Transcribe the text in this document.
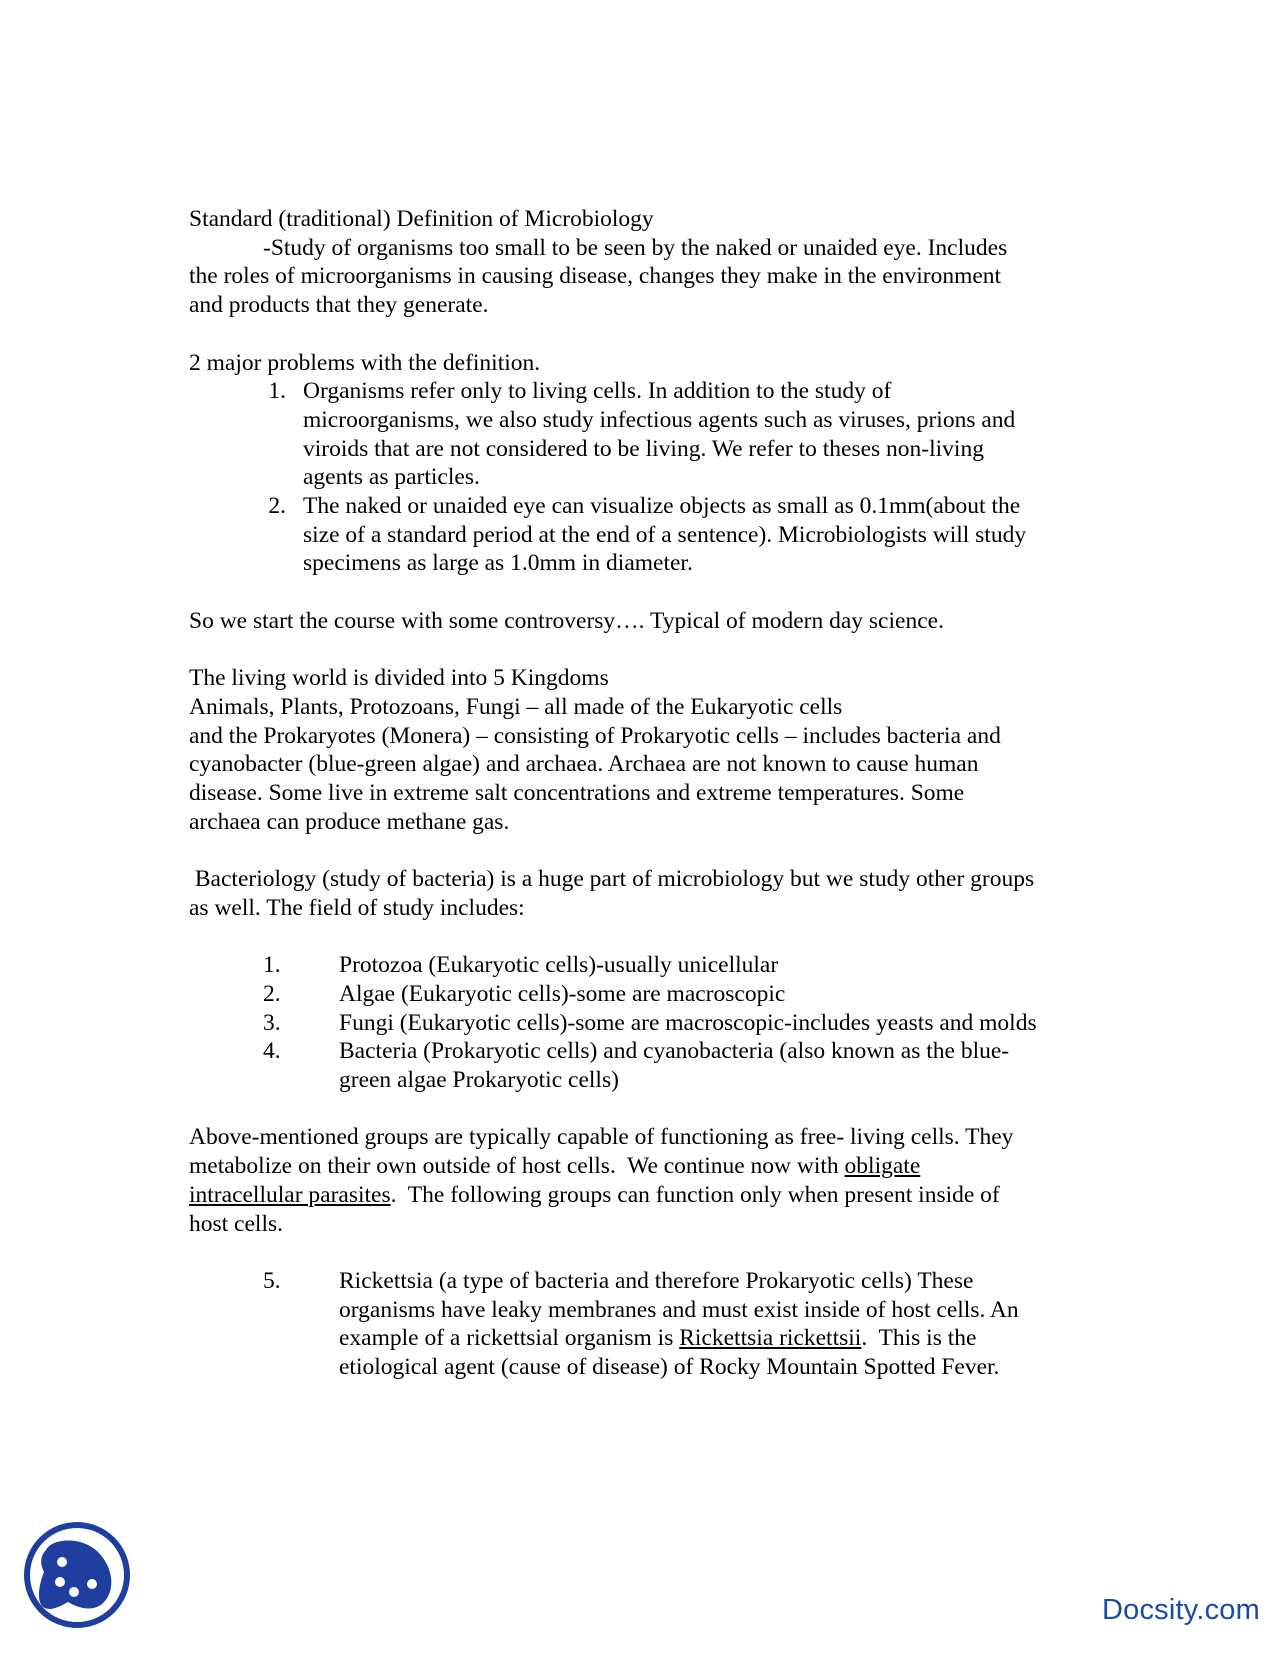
Standard (traditional) Definition of Microbiology
-Study of organisms too small to be seen by the naked or unaided eye. Includes
the roles of microorganisms in causing disease, changes they make in the environment
and products that they generate.
2 major problems with the definition.
1. Organisms refer only to living cells. In addition to the study of
microorganisms, we also study infectious agents such as viruses, prions and
viroids that are not considered to be living. We refer to theses non-living
agents as particles.
2. The naked or unaided eye can visualize objects as small as 0.1mm(about the
size of a standard period at the end of a sentence). Microbiologists will study
specimens as large as 1.0mm in diameter.
So we start the course with some controversy…. Typical of modern day science.
The living world is divided into 5 Kingdoms
Animals, Plants, Protozoans, Fungi – all made of the Eukaryotic cells
and the Prokaryotes (Monera) – consisting of Prokaryotic cells – includes bacteria and
cyanobacter (blue-green algae) and archaea. Archaea are not known to cause human
disease. Some live in extreme salt concentrations and extreme temperatures. Some
archaea can produce methane gas.
Bacteriology (study of bacteria) is a huge part of microbiology but we study other groups
as well. The field of study includes:
1. Protozoa (Eukaryotic cells)-usually unicellular
2. Algae (Eukaryotic cells)-some are macroscopic
3. Fungi (Eukaryotic cells)-some are macroscopic-includes yeasts and molds
4. Bacteria (Prokaryotic cells) and cyanobacteria (also known as the blue-
green algae Prokaryotic cells)
Above-mentioned groups are typically capable of functioning as free- living cells. They
metabolize on their own outside of host cells.  We continue now with obligate
intracellular parasites.  The following groups can function only when present inside of
host cells.
5. Rickettsia (a type of bacteria and therefore Prokaryotic cells) These
organisms have leaky membranes and must exist inside of host cells. An
example of a rickettsial organism is Rickettsia rickettsii.  This is the
etiological agent (cause of disease) of Rocky Mountain Spotted Fever.
Docsity.com
